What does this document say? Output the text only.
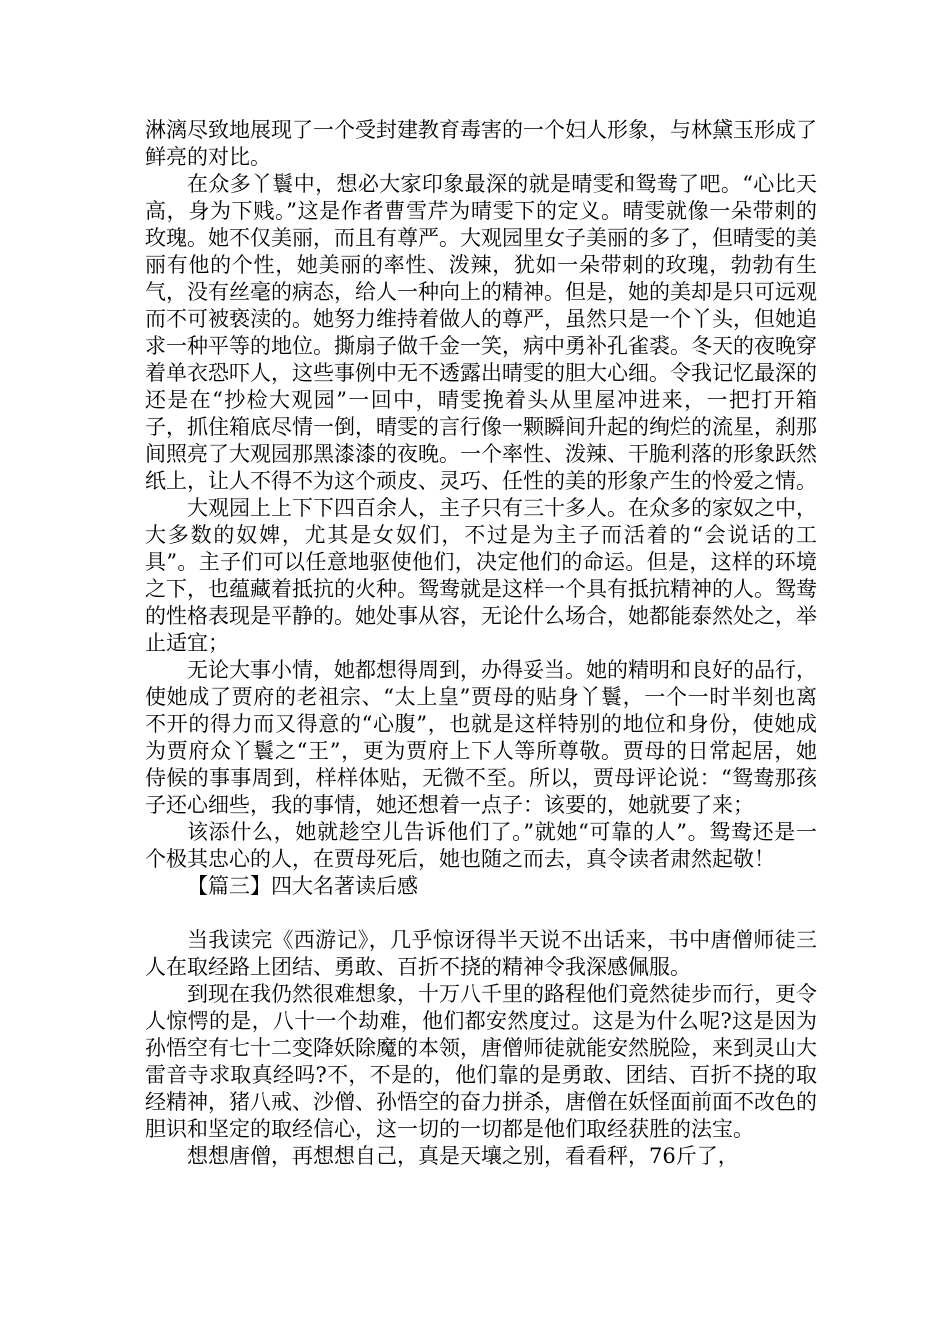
淋漓尽致地展现了一个受封建教育毒害的一个妇人形象，与林黛玉形成了鲜亮的对比。

在众多丫鬟中，想必大家印象最深的就是晴雯和鸳鸯了吧。“心比天高，身为下贱。”这是作者曹雪芹为晴雯下的定义。晴雯就像一朵带刺的玫瑰。她不仅美丽，而且有尊严。大观园里女子美丽的多了，但晴雯的美丽有他的个性，她美丽的率性、泼辣，犹如一朵带刺的玫瑰，勃勃有生气，没有丝毫的病态，给人一种向上的精神。但是，她的美却是只可远观而不可被亵渎的。她努力维持着做人的尊严，虽然只是一个丫头，但她追求一种平等的地位。撕扇子做千金一笑，病中勇补孔雀裘。冬天的夜晚穿着单衣恐吓人，这些事例中无不透露出晴雯的胆大心细。令我记忆最深的还是在“抄检大观园”一回中，晴雯挽着头从里屋冲进来，一把打开箱子，抓住箱底尽情一倒，晴雯的言行像一颗瞬间升起的绚烂的流星，刹那间照亮了大观园那黑漆漆的夜晚。一个率性、泼辣、干脆利落的形象跃然纸上，让人不得不为这个顽皮、灵巧、任性的美的形象产生的怜爱之情。

大观园上上下下四百余人，主子只有三十多人。在众多的家奴之中，大多数的奴婢，尤其是女奴们，不过是为主子而活着的“会说话的工具”。主子们可以任意地驱使他们，决定他们的命运。但是，这样的环境之下，也蕴藏着抵抗的火种。鸳鸯就是这样一个具有抵抗精神的人。鸳鸯的性格表现是平静的。她处事从容，无论什么场合，她都能泰然处之，举止适宜；

无论大事小情，她都想得周到，办得妥当。她的精明和良好的品行，使她成了贾府的老祖宗、“太上皇”贾母的贴身丫鬟，一个一时半刻也离不开的得力而又得意的“心腹”，也就是这样特别的地位和身份，使她成为贾府众丫鬟之“王”，更为贾府上下人等所尊敬。贾母的日常起居，她侍候的事事周到，样样体贴，无微不至。所以，贾母评论说：“鸳鸯那孩子还心细些，我的事情，她还想着一点子：该要的，她就要了来；

该添什么，她就趁空儿告诉他们了。”就她“可靠的人”。鸳鸯还是一个极其忠心的人，在贾母死后，她也随之而去，真令读者肃然起敬！

【篇三】四大名著读后感

当我读完《西游记》，几乎惊讶得半天说不出话来，书中唐僧师徒三人在取经路上团结、勇敢、百折不挠的精神令我深感佩服。

到现在我仍然很难想象，十万八千里的路程他们竟然徒步而行，更令人惊愕的是，八十一个劫难，他们都安然度过。这是为什么呢?这是因为孙悟空有七十二变降妖除魔的本领，唐僧师徒就能安然脱险，来到灵山大雷音寺求取真经吗?不，不是的，他们靠的是勇敢、团结、百折不挠的取经精神，猪八戒、沙僧、孙悟空的奋力拼杀，唐僧在妖怪面前面不改色的胆识和坚定的取经信心，这一切的一切都是他们取经获胜的法宝。

想想唐僧，再想想自己，真是天壤之别，看看秤，76斤了，
